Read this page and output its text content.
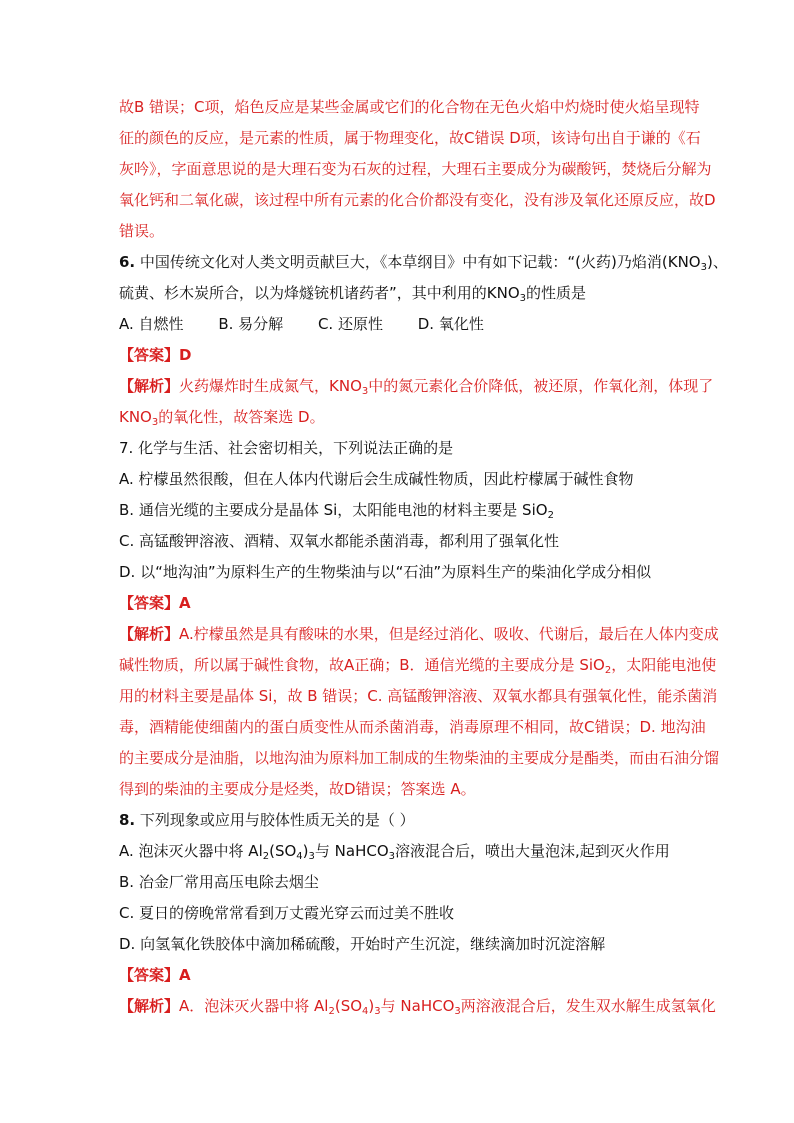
故B 错误；C项，焰色反应是某些金属或它们的化合物在无色火焰中灼烧时使火焰呈现特
征的颜色的反应，是元素的性质，属于物理变化，故C错误 D项，该诗句出自于谦的《石
灰吟》，字面意思说的是大理石变为石灰的过程，大理石主要成分为碳酸钙，焚烧后分解为
氧化钙和二氧化碳，该过程中所有元素的化合价都没有变化，没有涉及氧化还原反应，故D
错误。
6. 中国传统文化对人类文明贡献巨大，《本草纲目》中有如下记载：“(火药)乃焰消$(KNO_3)$、
硫黄、杉木炭所合，以为烽燧铳机诸药者”，其中利用的$KNO_3$的性质是
A. 自燃性 B. 易分解 C. 还原性 D. 氧化性
【答案】D
【解析】火药爆炸时生成氮气，$KNO_3$中的氮元素化合价降低，被还原，作氧化剂，体现了
$KNO_3$的氧化性，故答案选 D。
7. 化学与生活、社会密切相关，下列说法正确的是
A. 柠檬虽然很酸，但在人体内代谢后会生成碱性物质，因此柠檬属于碱性食物
B. 通信光缆的主要成分是晶体 Si，太阳能电池的材料主要是 SiO$_2$
C. 高锰酸钾溶液、酒精、双氧水都能杀菌消毒，都利用了强氧化性
D. 以“地沟油”为原料生产的生物柴油与以“石油”为原料生产的柴油化学成分相似
【答案】A
【解析】A.柠檬虽然是具有酸味的水果，但是经过消化、吸收、代谢后，最后在人体内变成
碱性物质，所以属于碱性食物，故A正确；B．通信光缆的主要成分是 SiO$_2$，太阳能电池使
用的材料主要是晶体 Si，故 B 错误；C. 高锰酸钾溶液、双氧水都具有强氧化性，能杀菌消
毒，酒精能使细菌内的蛋白质变性从而杀菌消毒，消毒原理不相同，故C错误；D. 地沟油
的主要成分是油脂，以地沟油为原料加工制成的生物柴油的主要成分是酯类，而由石油分馏
得到的柴油的主要成分是烃类，故D错误；答案选 A。
8. 下列现象或应用与胶体性质无关的是（ ）
A. 泡沫灭火器中将 $Al_2(SO_4)_3$与 NaHCO$_3$溶液混合后，喷出大量泡沫,起到灭火作用
B. 冶金厂常用高压电除去烟尘
C. 夏日的傍晚常常看到万丈霞光穿云而过美不胜收
D. 向氢氧化铁胶体中滴加稀硫酸，开始时产生沉淀，继续滴加时沉淀溶解
【答案】A
【解析】A．泡沫灭火器中将 $Al_2(SO_4)_3$与 NaHCO$_3$两溶液混合后，发生双水解生成氢氧化
